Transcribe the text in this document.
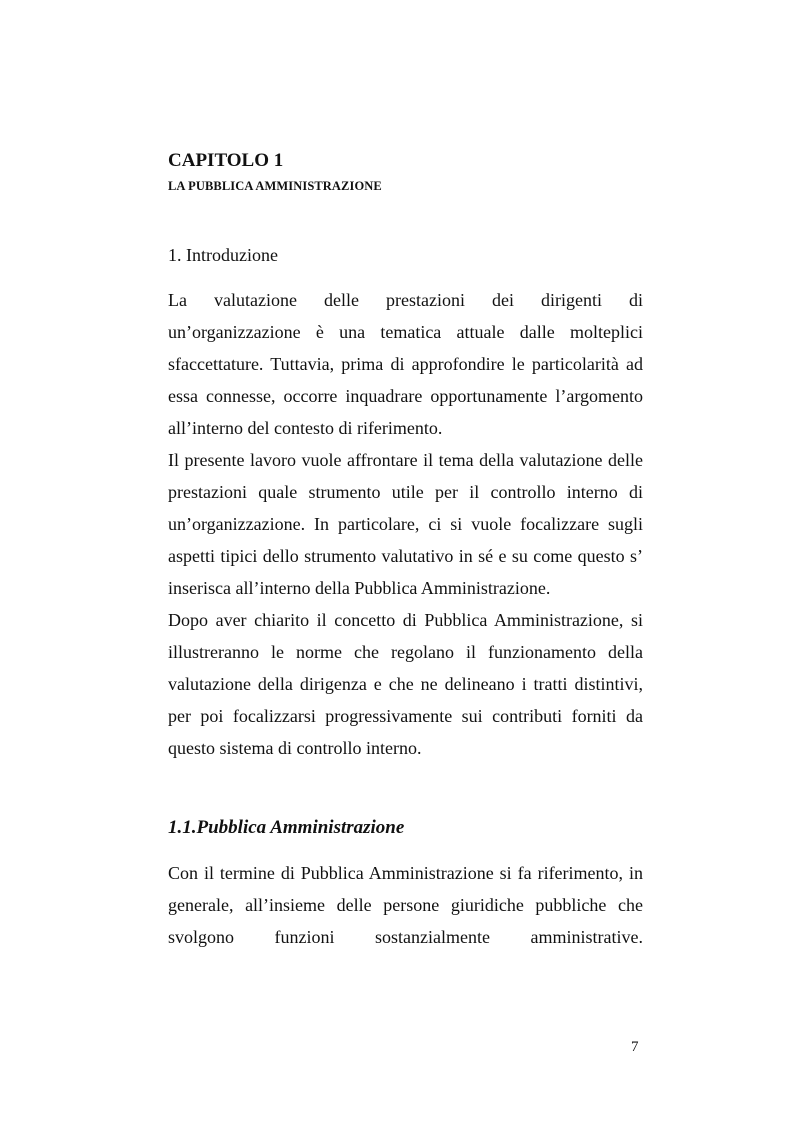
CAPITOLO 1
LA PUBBLICA AMMINISTRAZIONE
1. Introduzione

La valutazione delle prestazioni dei dirigenti di un’organizzazione è una tematica attuale dalle molteplici sfaccettature. Tuttavia, prima di approfondire le particolarità ad essa connesse, occorre inquadrare opportunamente l’argomento all’interno del contesto di riferimento.

Il presente lavoro vuole affrontare il tema della valutazione delle prestazioni quale strumento utile per il controllo interno di un’organizzazione. In particolare, ci si vuole focalizzare sugli aspetti tipici dello strumento valutativo in sé e su come questo s’ inserisca all’interno della Pubblica Amministrazione.

Dopo aver chiarito il concetto di Pubblica Amministrazione, si illustreranno le norme che regolano il funzionamento della valutazione della dirigenza e che ne delineano i tratti distintivi, per poi focalizzarsi progressivamente sui contributi forniti da questo sistema di controllo interno.

1.1.Pubblica Amministrazione

Con il termine di Pubblica Amministrazione si fa riferimento, in generale, all’insieme delle persone giuridiche pubbliche che svolgono funzioni sostanzialmente amministrative.

7
